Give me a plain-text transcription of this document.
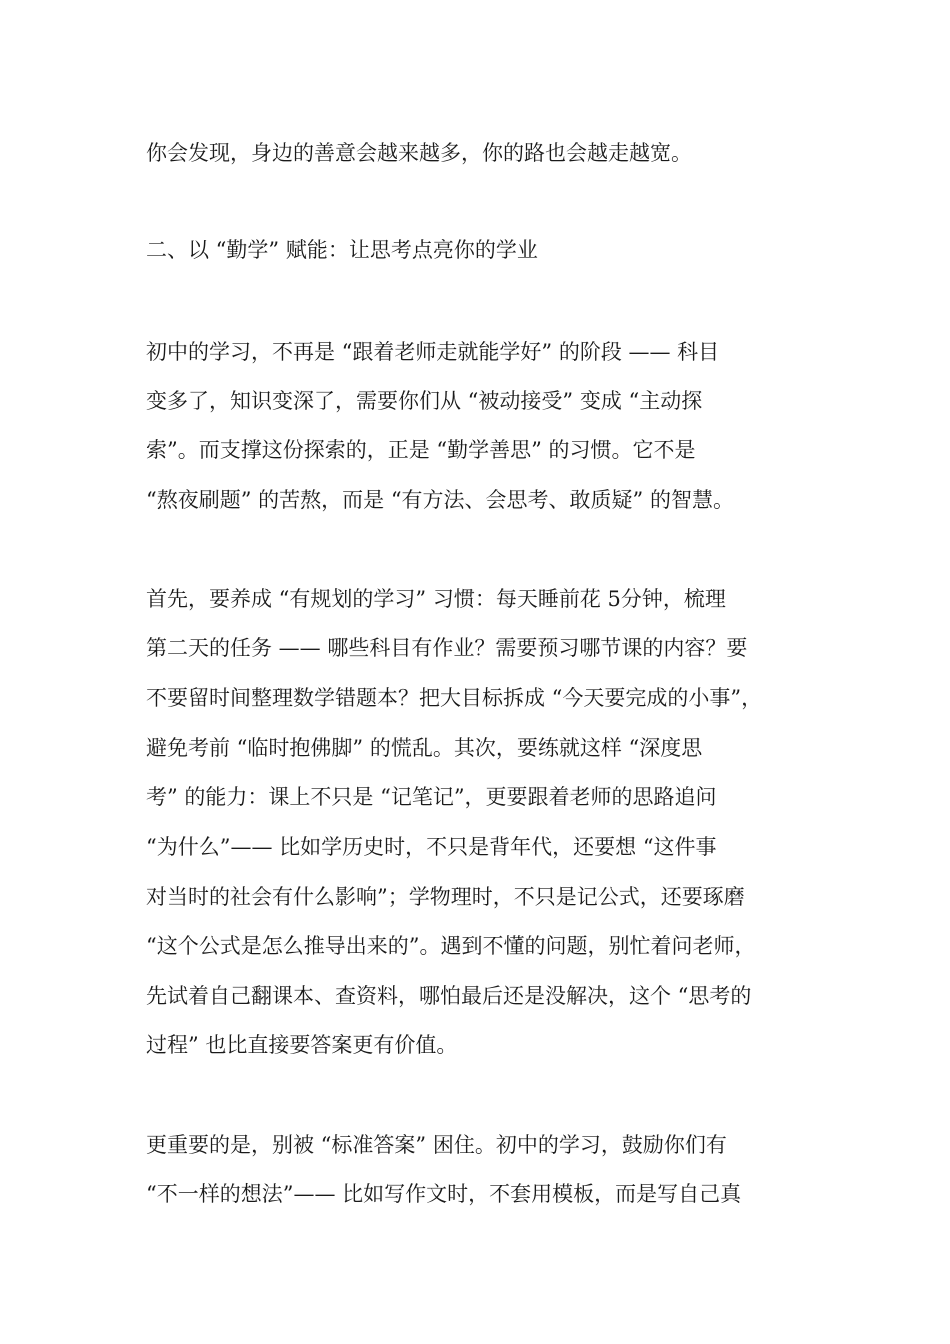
你会发现，身边的善意会越来越多，你的路也会越走越宽。
二、以 “勤学” 赋能：让思考点亮你的学业
初中的学习，不再是 “跟着老师走就能学好” 的阶段 —— 科目
变多了，知识变深了，需要你们从 “被动接受” 变成 “主动探
索”。而支撑这份探索的，正是 “勤学善思” 的习惯。它不是
“熬夜刷题” 的苦熬，而是 “有方法、会思考、敢质疑” 的智慧。
首先，要养成 “有规划的学习” 习惯：每天睡前花 5分钟，梳理
第二天的任务 —— 哪些科目有作业？需要预习哪节课的内容？要
不要留时间整理数学错题本？把大目标拆成 “今天要完成的小事”，
避免考前 “临时抱佛脚” 的慌乱。其次，要练就这样 “深度思
考” 的能力：课上不只是 “记笔记”，更要跟着老师的思路追问
“为什么”—— 比如学历史时，不只是背年代，还要想 “这件事
对当时的社会有什么影响”；学物理时，不只是记公式，还要琢磨
“这个公式是怎么推导出来的”。遇到不懂的问题，别忙着问老师，
先试着自己翻课本、查资料，哪怕最后还是没解决，这个 “思考的
过程” 也比直接要答案更有价值。
更重要的是，别被 “标准答案” 困住。初中的学习，鼓励你们有
“不一样的想法”—— 比如写作文时，不套用模板，而是写自己真
